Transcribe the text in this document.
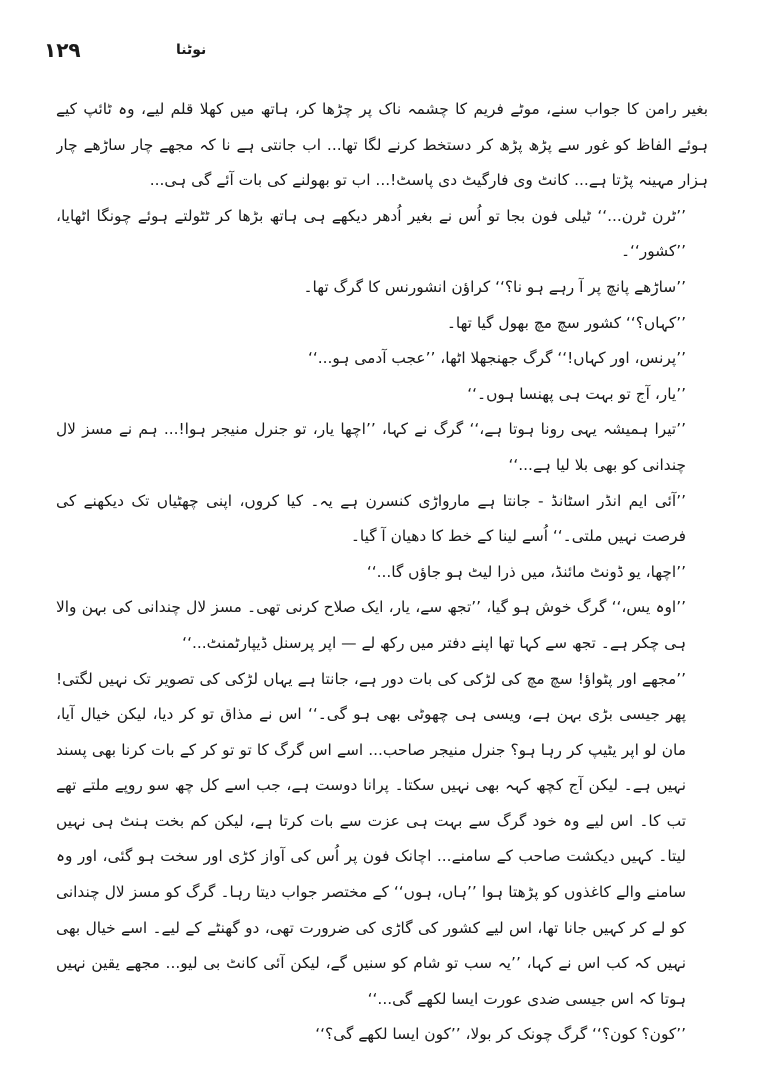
۱۲۹	نوٹنا

بغیر رامن کا جواب سنے، موٹے فریم کا چشمہ ناک پر چڑھا کر، ہاتھ میں کھلا قلم لیے، وہ ٹائپ کیے ہوئے الفاظ کو غور سے پڑھ پڑھ کر دستخط کرنے لگا تھا... اب جانتی ہے نا کہ مجھے چار ساڑھے چار ہزار مہینہ پڑتا ہے... کانٹ وی فارگیٹ دی پاسٹ!... اب تو بھولنے کی بات آئے گی ہی...

’’ٹرن ٹرن...‘‘ ٹیلی فون بجا تو اُس نے بغیر اُدھر دیکھے ہی ہاتھ بڑھا کر ٹٹولتے ہوئے چونگا اٹھایا، ’’کشور‘‘۔

’’ساڑھے پانچ پر آ رہے ہو نا؟‘‘ کراؤن انشورنس کا گرگ تھا۔

’’کہاں؟‘‘ کشور سچ مچ بھول گیا تھا۔

’’پرنس، اور کہاں!‘‘ گرگ جھنجھلا اٹھا، ’’عجب آدمی ہو...‘‘

’’یار، آج تو بہت ہی پھنسا ہوں۔‘‘

’’تیرا ہمیشہ یہی رونا ہوتا ہے،‘‘ گرگ نے کہا، ’’اچھا یار، تو جنرل منیجر ہوا!... ہم نے مسز لال چندانی کو بھی بلا لیا ہے...‘‘

’’آئی ایم انڈر اسٹانڈ - جانتا ہے مارواڑی کنسرن ہے یہ۔ کیا کروں، اپنی چھٹیاں تک دیکھنے کی فرصت نہیں ملتی۔‘‘ اُسے لینا کے خط کا دھیان آ گیا۔

’’اچھا، یو ڈونٹ مائنڈ، میں ذرا لیٹ ہو جاؤں گا...‘‘

’’اوہ یس،‘‘ گرگ خوش ہو گیا، ’’تجھ سے، یار، ایک صلاح کرنی تھی۔ مسز لال چندانی کی بہن والا ہی چکر ہے۔ تجھ سے کہا تھا اپنے دفتر میں رکھ لے — اپر پرسنل ڈیپارٹمنٹ...‘‘

’’مجھے اور پٹواؤ! سچ مچ کی لڑکی کی بات دور ہے، جانتا ہے یہاں لڑکی کی تصویر تک نہیں لگتی! پھر جیسی بڑی بہن ہے، ویسی ہی چھوٹی بھی ہو گی۔‘‘ اس نے مذاق تو کر دیا، لیکن خیال آیا، مان لو اپر یٹیپ کر رہا ہو؟ جنرل منیجر صاحب... اسے اس گرگ کا تو تو کر کے بات کرنا بھی پسند نہیں ہے۔ لیکن آج کچھ کہہ بھی نہیں سکتا۔ پرانا دوست ہے، جب اسے کل چھ سو روپے ملتے تھے تب کا۔ اس لیے وہ خود گرگ سے بہت ہی عزت سے بات کرتا ہے، لیکن کم بخت ہنٹ ہی نہیں لیتا۔ کہیں دیکشت صاحب کے سامنے... اچانک فون پر اُس کی آواز کڑی اور سخت ہو گئی، اور وہ سامنے والے کاغذوں کو پڑھتا ہوا ’’ہاں، ہوں‘‘ کے مختصر جواب دیتا رہا۔ گرگ کو مسز لال چندانی کو لے کر کہیں جانا تھا، اس لیے کشور کی گاڑی کی ضرورت تھی، دو گھنٹے کے لیے۔ اسے خیال بھی نہیں کہ کب اس نے کہا، ’’یہ سب تو شام کو سنیں گے، لیکن آئی کانٹ بی لیو... مجھے یقین نہیں ہوتا کہ اس جیسی ضدی عورت ایسا لکھے گی...‘‘

’’کون؟ کون؟‘‘ گرگ چونک کر بولا، ’’کون ایسا لکھے گی؟‘‘
